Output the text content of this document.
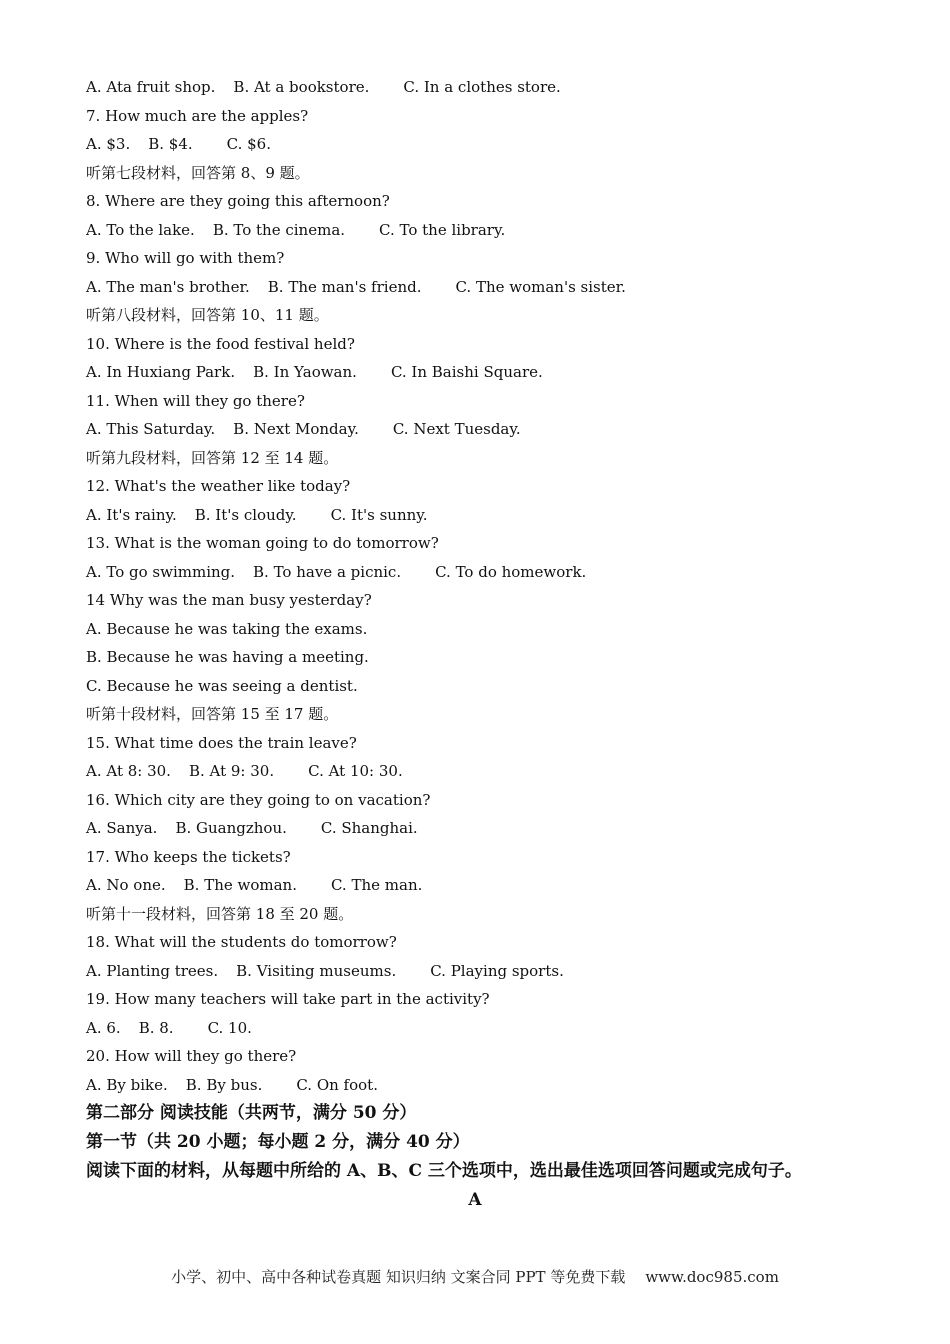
A. Ata fruit shop. B. At a bookstore. C. In a clothes store.
7. How much are the apples?
A. $3. B. $4. C. $6.
听第七段材料，回答第 8、9 题。
8. Where are they going this afternoon?
A. To the lake. B. To the cinema. C. To the library.
9. Who will go with them?
A. The man's brother. B. The man's friend. C. The woman's sister.
听第八段材料，回答第 10、11 题。
10. Where is the food festival held?
A. In Huxiang Park. B. In Yaowan. C. In Baishi Square.
11. When will they go there?
A. This Saturday. B. Next Monday. C. Next Tuesday.
听第九段材料，回答第 12 至 14 题。
12. What's the weather like today?
A. It's rainy. B. It's cloudy. C. It's sunny.
13. What is the woman going to do tomorrow?
A. To go swimming. B. To have a picnic. C. To do homework.
14 Why was the man busy yesterday?
A. Because he was taking the exams.
B. Because he was having a meeting.
C. Because he was seeing a dentist.
听第十段材料，回答第 15 至 17 题。
15. What time does the train leave?
A. At 8: 30. B. At 9: 30. C. At 10: 30.
16. Which city are they going to on vacation?
A. Sanya. B. Guangzhou. C. Shanghai.
17. Who keeps the tickets?
A. No one. B. The woman. C. The man.
听第十一段材料，回答第 18 至 20 题。
18. What will the students do tomorrow?
A. Planting trees. B. Visiting museums. C. Playing sports.
19. How many teachers will take part in the activity?
A. 6. B. 8. C. 10.
20. How will they go there?
A. By bike. B. By bus. C. On foot.
第二部分 阅读技能（共两节，满分 50 分）
第一节（共 20 小题；每小题 2 分，满分 40 分）
阅读下面的材料，从每题中所给的 A、B、C 三个选项中，选出最佳选项回答问题或完成句子。
A
小学、初中、高中各种试卷真题 知识归纳 文案合同 PPT 等免费下载 www.doc985.com
